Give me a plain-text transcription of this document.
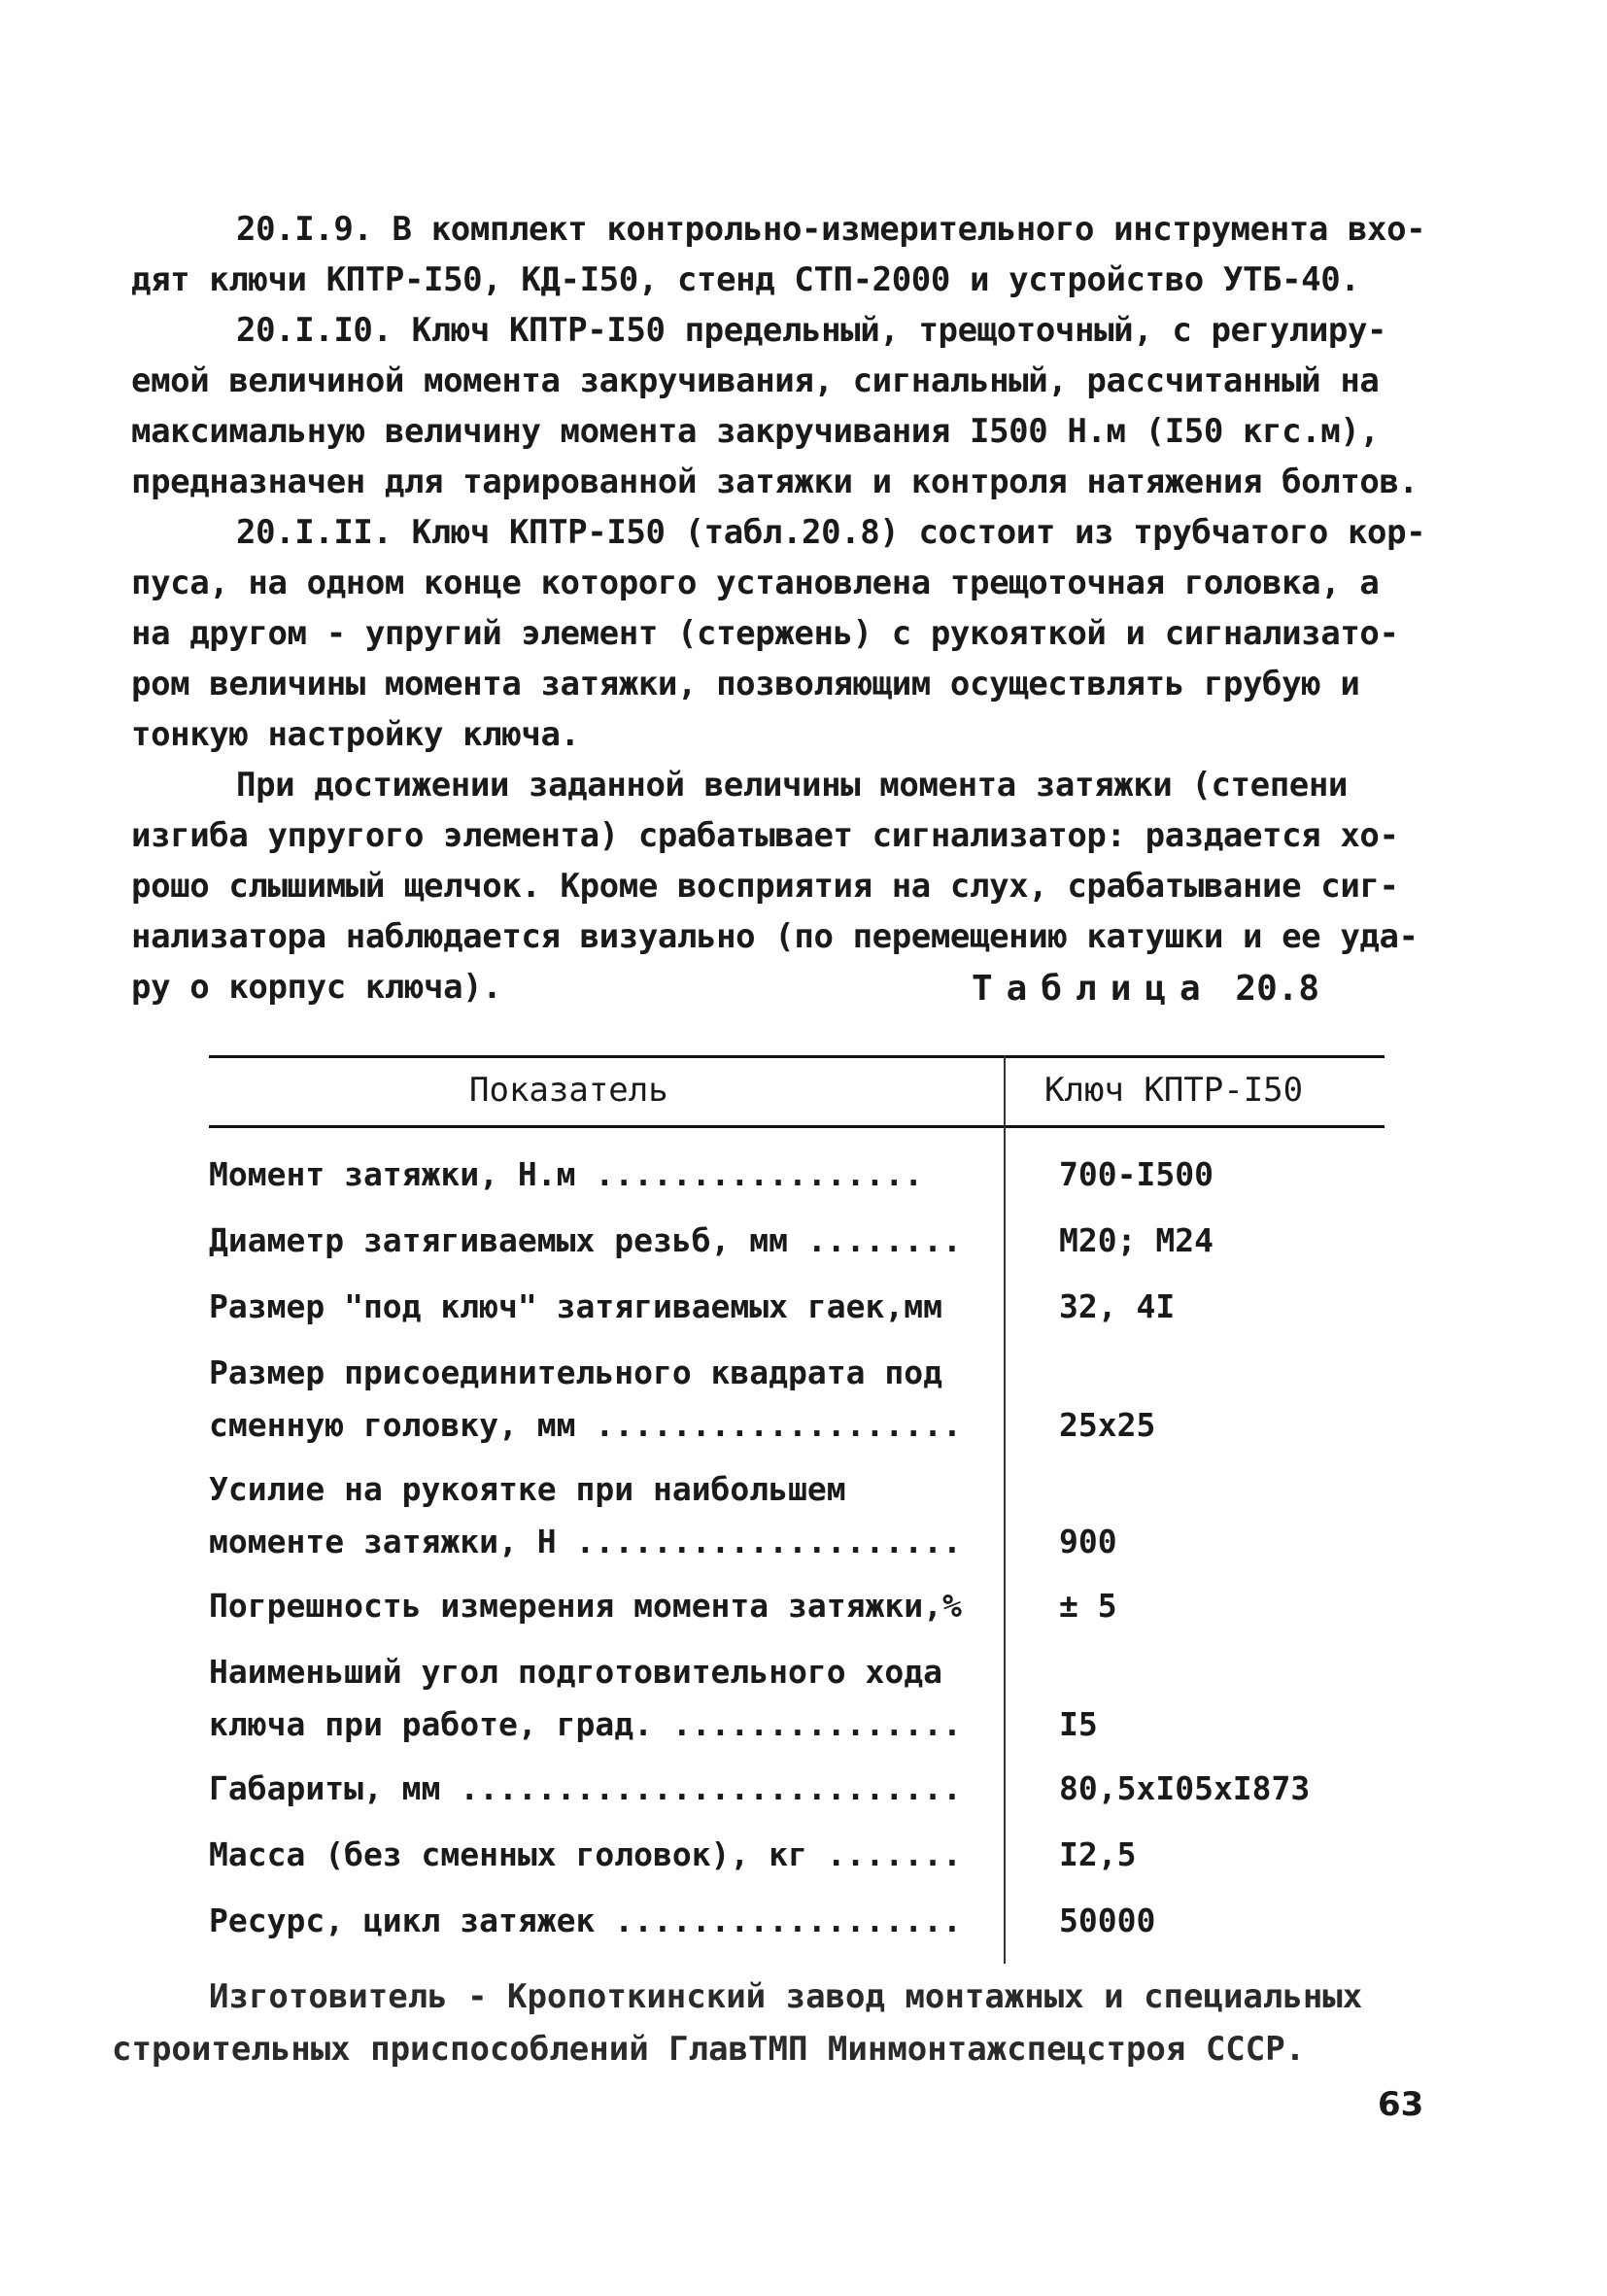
20.I.9. В комплект контрольно-измерительного инструмента вхо-
дят ключи КПТР-I50, КД-I50, стенд СТП-2000 и устройство УТБ-40.

20.I.I0. Ключ КПТР-I50 предельный, трещоточный, с регулиру-
емой величиной момента закручивания, сигнальный, рассчитанный на
максимальную величину момента закручивания I500 Н.м (I50 кгс.м),
предназначен для тарированной затяжки и контроля натяжения болтов.

20.I.II. Ключ КПТР-I50 (табл.20.8) состоит из трубчатого кор-
пуса, на одном конце которого установлена трещоточная головка, а
на другом - упругий элемент (стержень) с рукояткой и сигнализато-
ром величины момента затяжки, позволяющим осуществлять грубую и
тонкую настройку ключа.

При достижении заданной величины момента затяжки (степени
изгиба упругого элемента) срабатывает сигнализатор: раздается хо-
рошо слышимый щелчок. Кроме восприятия на слух, срабатывание сиг-
нализатора наблюдается визуально (по перемещению катушки и ее уда-
ру о корпус ключа).	Таблица 20.8
Показатель	Ключ КПТР-I50
Момент затяжки, Н.м .................	700-I500
Диаметр затягиваемых резьб, мм ........	М20; М24
Размер "под ключ" затягиваемых гаек,мм	32, 4I
Размер присоединительного квадрата под
сменную головку, мм ...................	25х25
Усилие на рукоятке при наибольшем
моменте затяжки, Н ....................	900
Погрешность измерения момента затяжки,%	± 5
Наименьший угол подготовительного хода
ключа при работе, град. ...............	I5
Габариты, мм ..........................	80,5хI05хI873
Масса (без сменных головок), кг .......	I2,5
Ресурс, цикл затяжек ..................	50000
Изготовитель - Кропоткинский завод монтажных и специальных
строительных приспособлений ГлавТМП Минмонтажспецстроя СССР.
63
